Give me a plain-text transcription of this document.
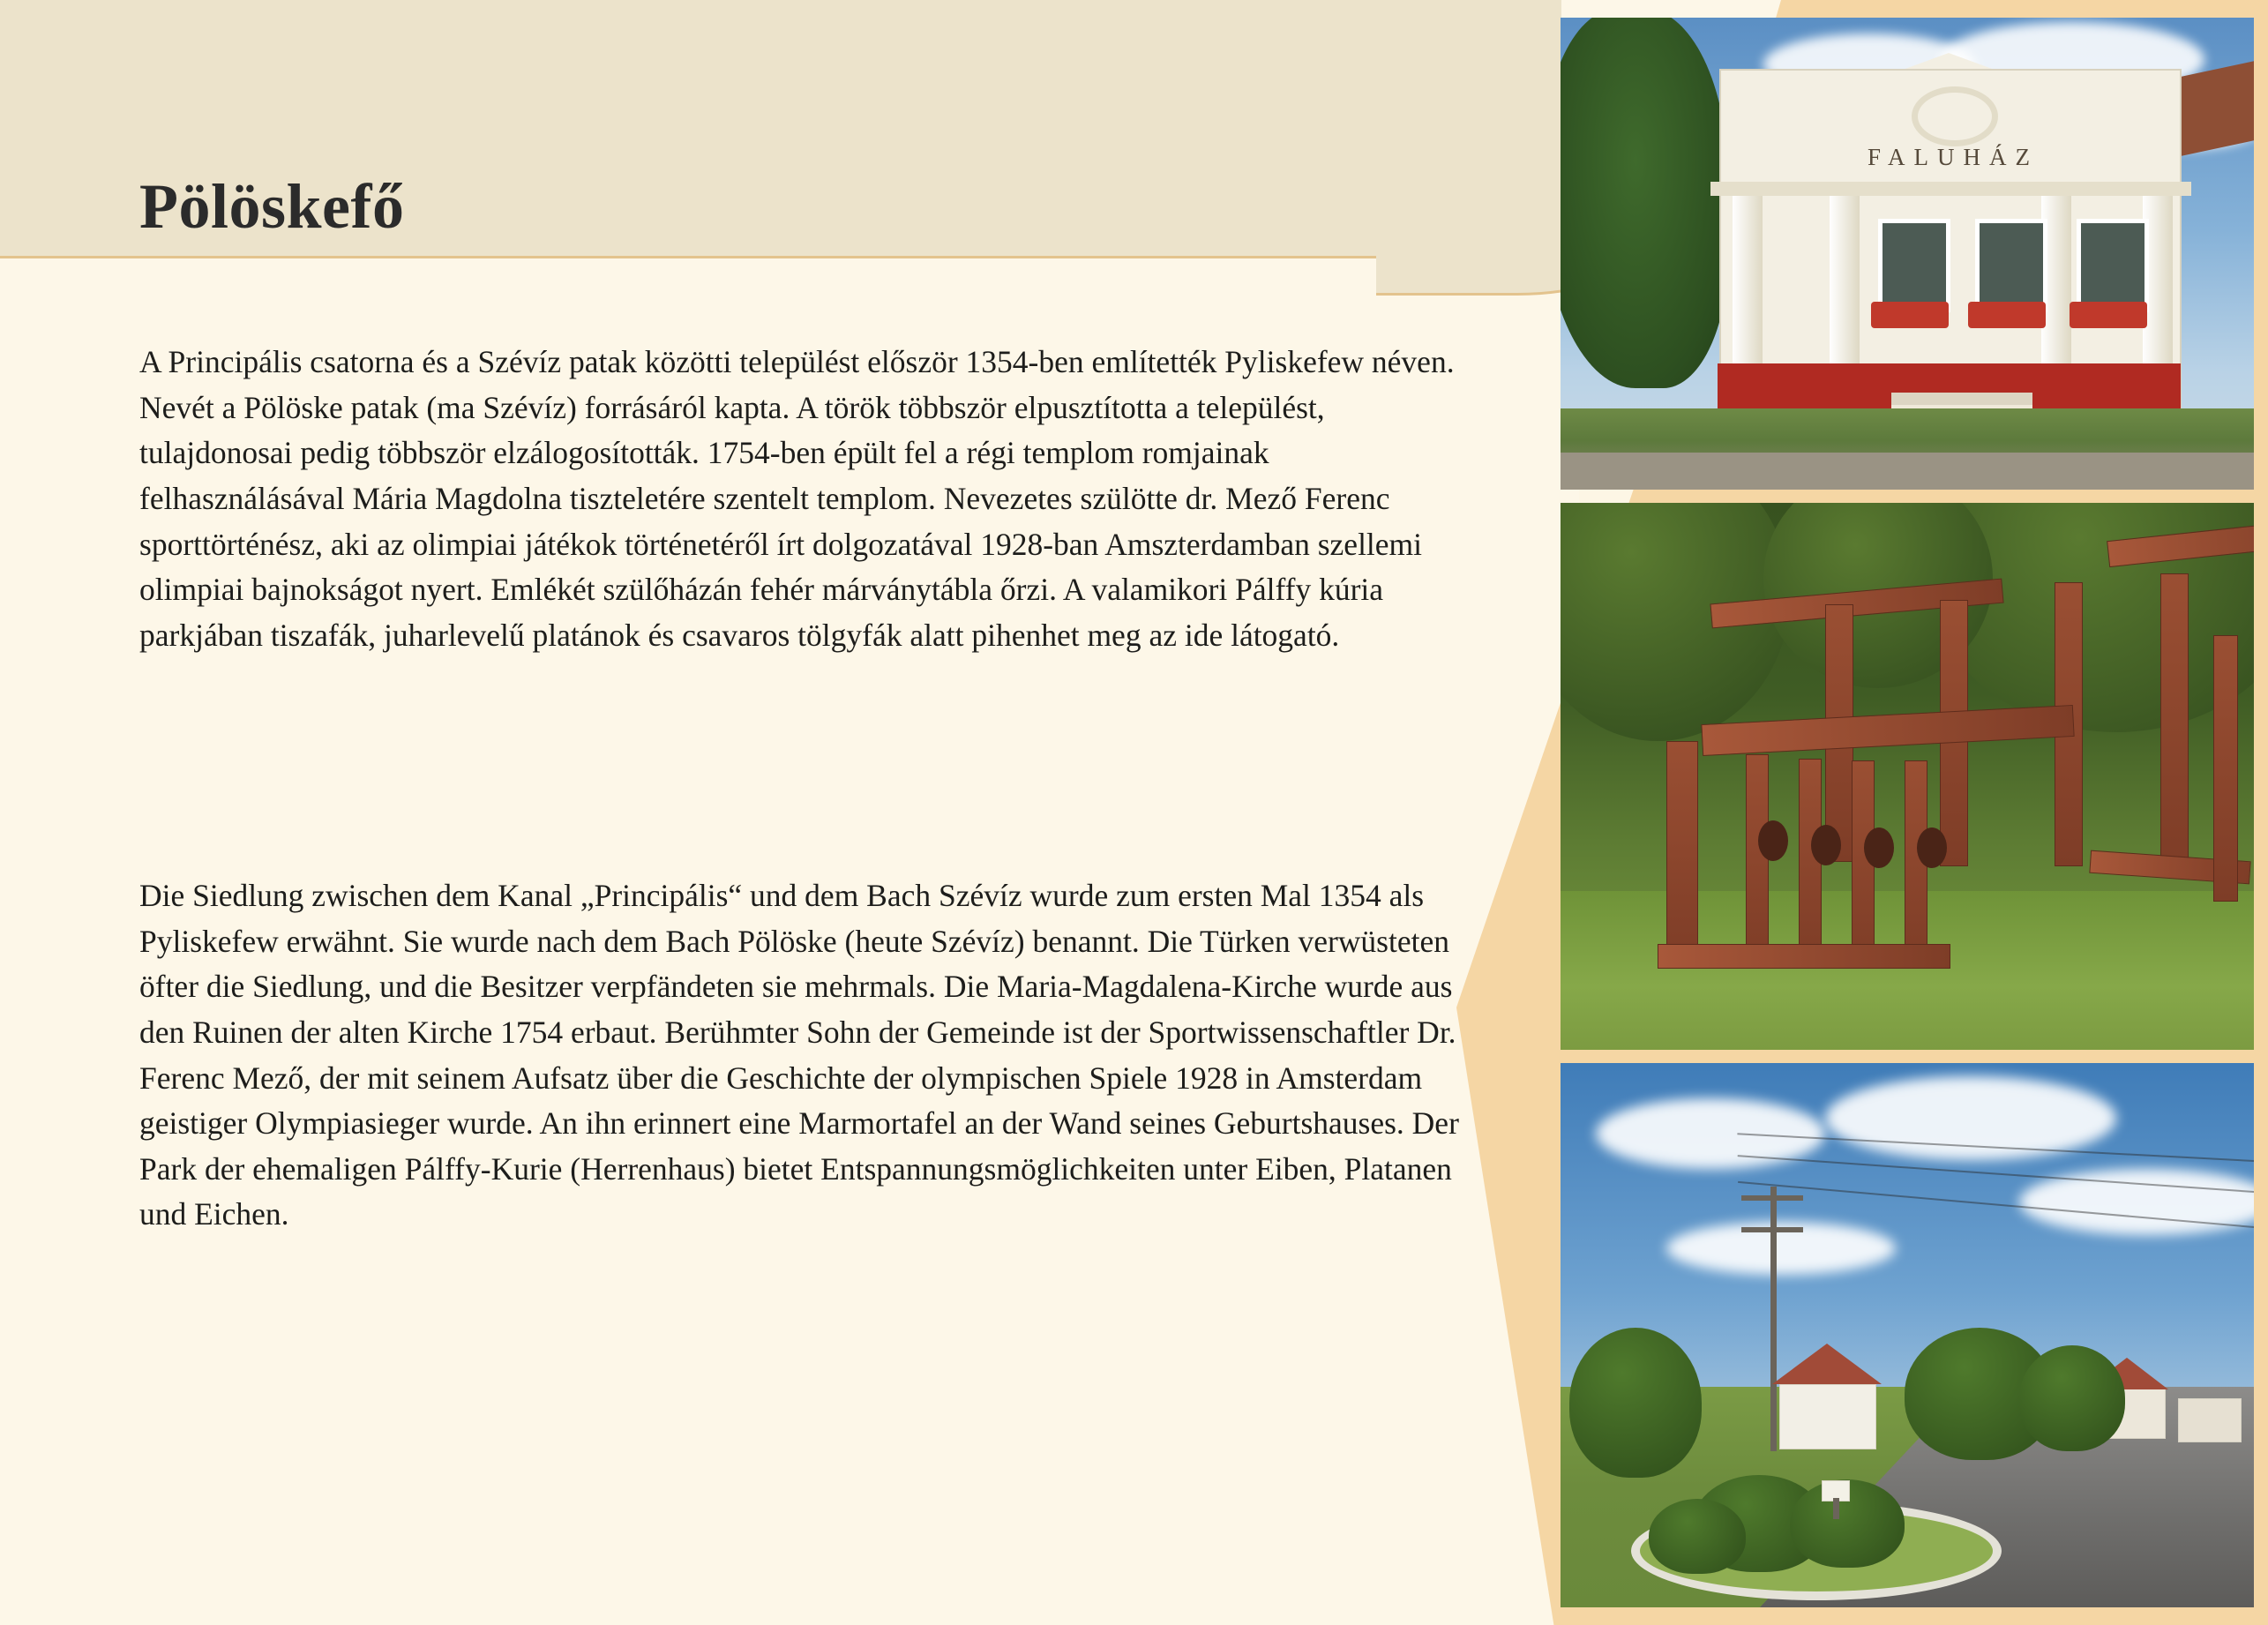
Pölöskefő

A Principális csatorna és a Szévíz patak közötti települést először 1354-ben említették Pyliskefew néven. Nevét a Pölöske patak (ma Szévíz) forrásáról kapta. A török többször elpusztította a települést, tulajdonosai pedig többször elzálogosították. 1754-ben épült fel a régi templom romjainak felhasználásával Mária Magdolna tiszteletére szentelt templom. Nevezetes szülötte dr. Mező Ferenc sporttörténész, aki az olimpiai játékok történetéről írt dolgozatával 1928-ban Amszterdamban szellemi olimpiai bajnokságot nyert. Emlékét szülőházán fehér márványtábla őrzi. A valamikori Pálffy kúria parkjában tiszafák, juharlevelű platánok és csavaros tölgyfák alatt pihenhet meg az ide látogató.

Die Siedlung zwischen dem Kanal „Principális“ und dem Bach Szévíz wurde zum ersten Mal 1354 als Pyliskefew erwähnt. Sie wurde nach dem Bach Pölöske (heute Szévíz) benannt. Die Türken verwüsteten öfter die Siedlung, und die Besitzer verpfändeten sie mehrmals. Die Maria-Magdalena-Kirche wurde aus den Ruinen der alten Kirche 1754 erbaut. Berühmter Sohn der Gemeinde ist der Sportwissenschaftler Dr. Ferenc Mező, der mit seinem Aufsatz über die Geschichte der olympischen Spiele 1928 in Amsterdam geistiger Olympiasieger wurde. An ihn erinnert eine Marmortafel an der Wand seines Geburtshauses. Der Park der ehemaligen Pálffy-Kurie (Herrenhaus) bietet Entspannungsmöglichkeiten unter Eiben, Platanen und Eichen.

FALUHÁZ
